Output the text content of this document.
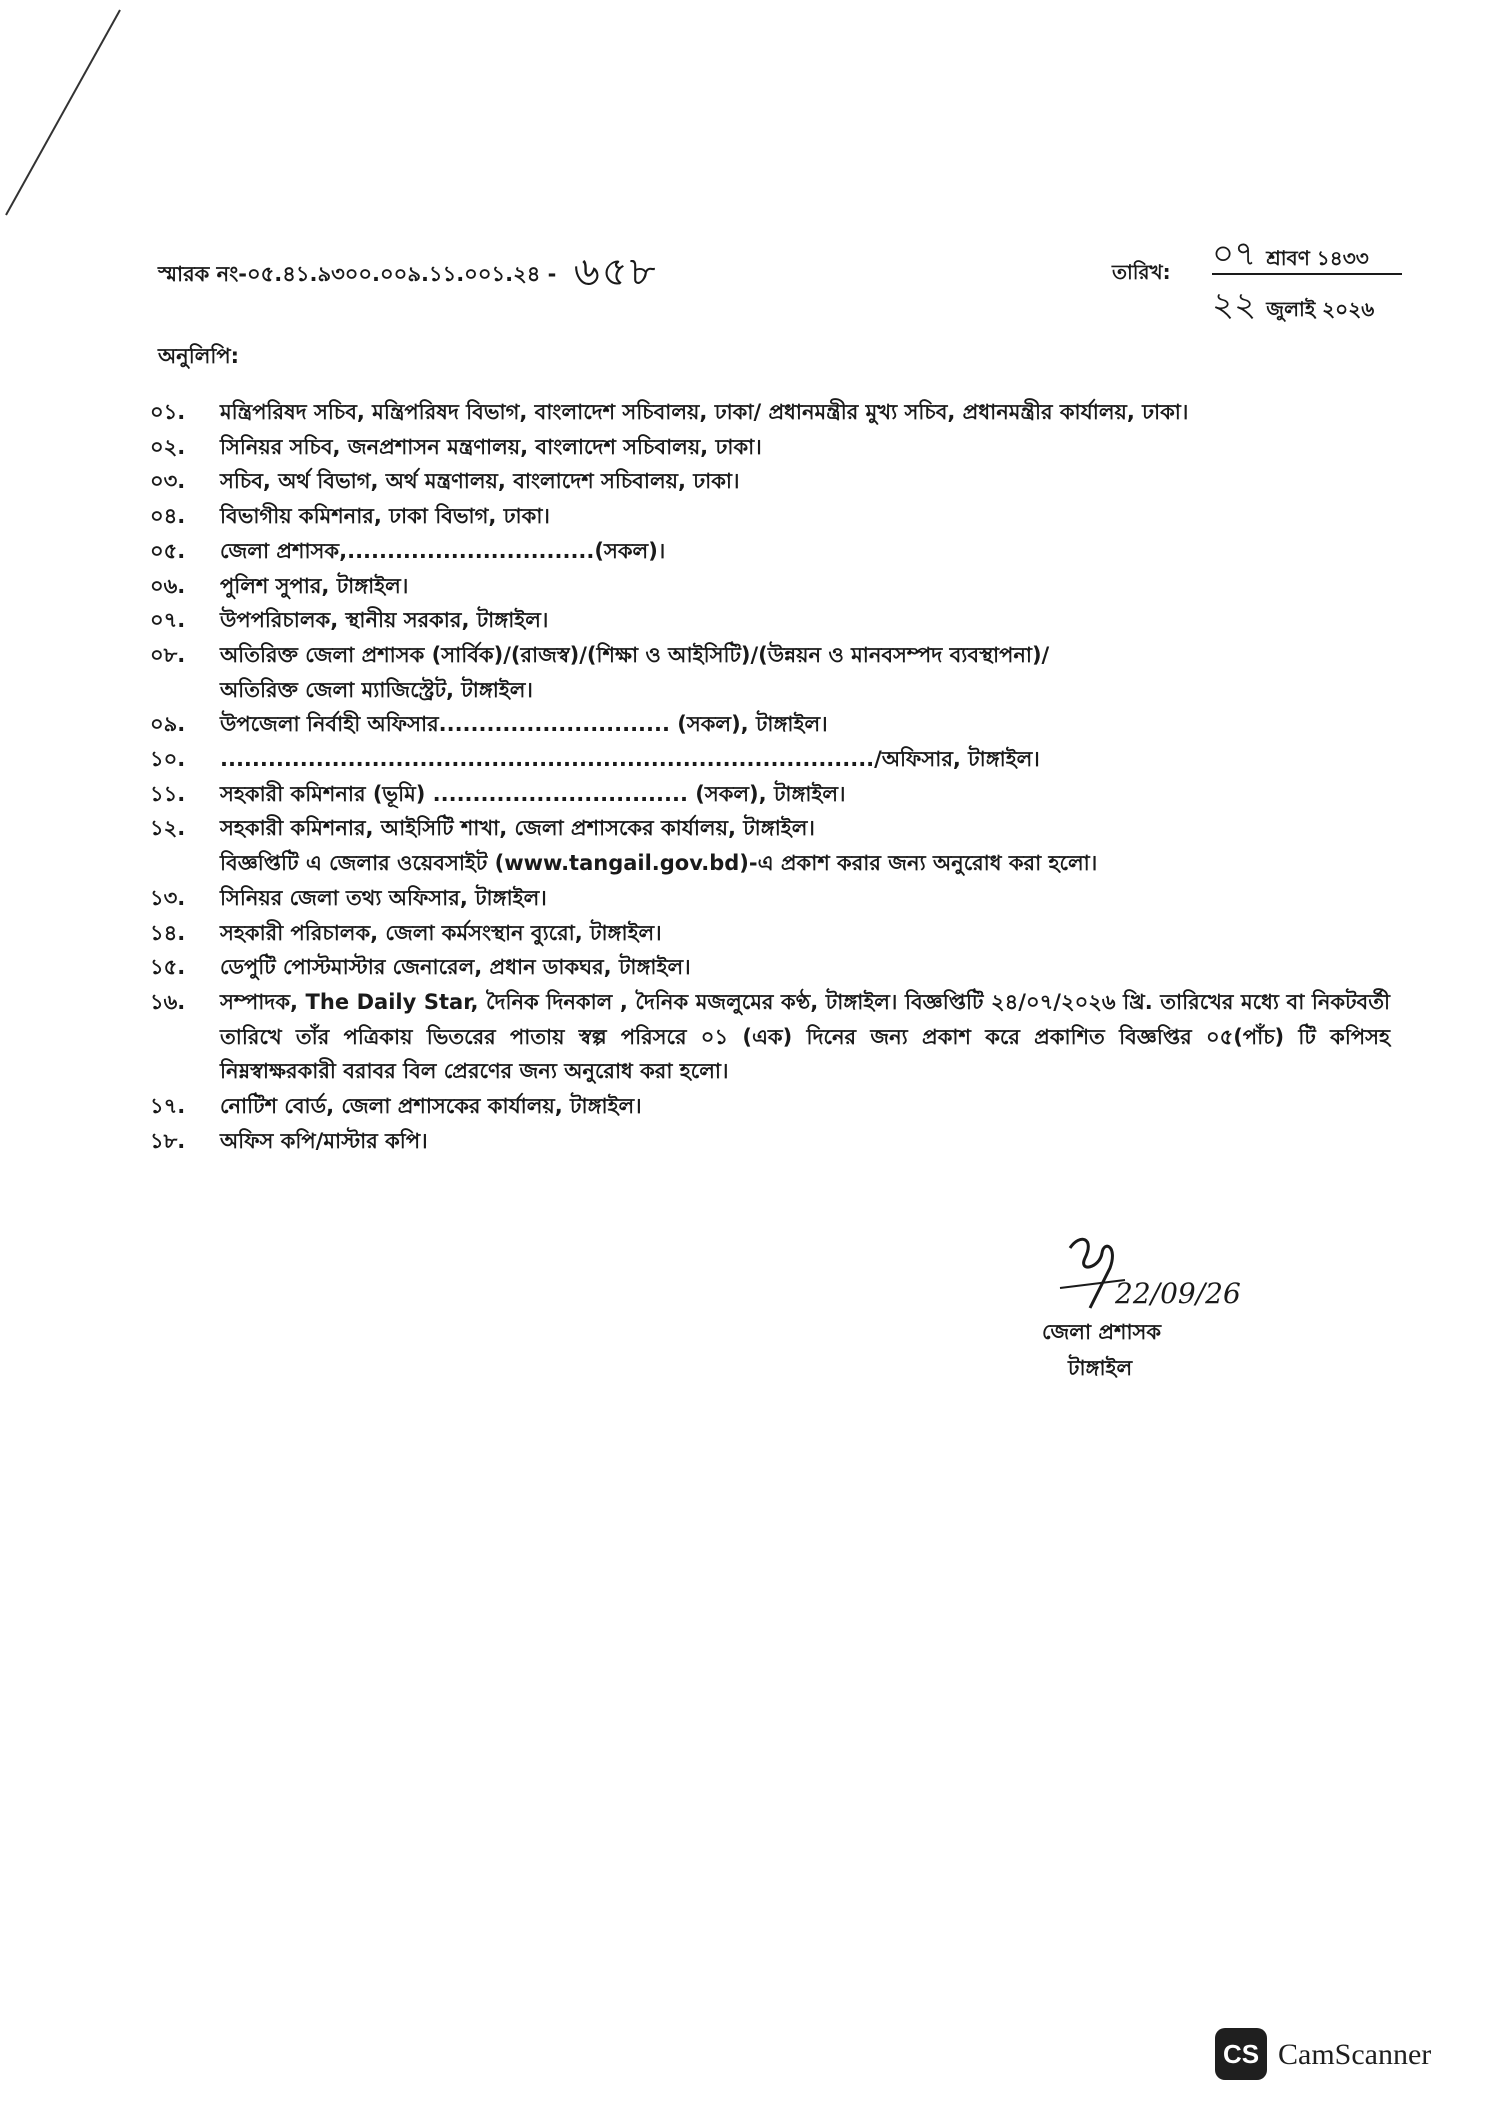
স্মারক নং-০৫.৪১.৯৩০০.০০৯.১১.০০১.২৪ - ৬৫৮	তারিখ: ০৭ শ্রাবণ ১৪৩৩
২২ জুলাই ২০২৬
অনুলিপি:
০১.	মন্ত্রিপরিষদ সচিব, মন্ত্রিপরিষদ বিভাগ, বাংলাদেশ সচিবালয়, ঢাকা/ প্রধানমন্ত্রীর মুখ্য সচিব, প্রধানমন্ত্রীর কার্যালয়, ঢাকা।
০২.	সিনিয়র সচিব, জনপ্রশাসন মন্ত্রণালয়, বাংলাদেশ সচিবালয়, ঢাকা।
০৩.	সচিব, অর্থ বিভাগ, অর্থ মন্ত্রণালয়, বাংলাদেশ সচিবালয়, ঢাকা।
০৪.	বিভাগীয় কমিশনার, ঢাকা বিভাগ, ঢাকা।
০৫.	জেলা প্রশাসক,...............................(সকল)।
০৬.	পুলিশ সুপার, টাঙ্গাইল।
০৭.	উপপরিচালক, স্থানীয় সরকার, টাঙ্গাইল।
০৮.	অতিরিক্ত জেলা প্রশাসক (সার্বিক)/(রাজস্ব)/(শিক্ষা ও আইসিটি)/(উন্নয়ন ও মানবসম্পদ ব্যবস্থাপনা)/
অতিরিক্ত জেলা ম্যাজিস্ট্রেট, টাঙ্গাইল।
০৯.	উপজেলা নির্বাহী অফিসার............................. (সকল), টাঙ্গাইল।
১০.	................................................................................../অফিসার, টাঙ্গাইল।
১১.	সহকারী কমিশনার (ভূমি) ................................ (সকল), টাঙ্গাইল।
১২.	সহকারী কমিশনার, আইসিটি শাখা, জেলা প্রশাসকের কার্যালয়, টাঙ্গাইল।
বিজ্ঞপ্তিটি এ জেলার ওয়েবসাইট (www.tangail.gov.bd)-এ প্রকাশ করার জন্য অনুরোধ করা হলো।
১৩.	সিনিয়র জেলা তথ্য অফিসার, টাঙ্গাইল।
১৪.	সহকারী পরিচালক, জেলা কর্মসংস্থান ব্যুরো, টাঙ্গাইল।
১৫.	ডেপুটি পোস্টমাস্টার জেনারেল, প্রধান ডাকঘর, টাঙ্গাইল।
১৬.	সম্পাদক, The Daily Star, দৈনিক দিনকাল , দৈনিক মজলুমের কণ্ঠ, টাঙ্গাইল। বিজ্ঞপ্তিটি ২৪/০৭/২০২৬ খ্রি. তারিখের মধ্যে বা নিকটবর্তী তারিখে তাঁর পত্রিকায় ভিতরের পাতায় স্বল্প পরিসরে ০১ (এক) দিনের জন্য প্রকাশ করে প্রকাশিত বিজ্ঞপ্তির ০৫(পাঁচ) টি কপিসহ নিম্নস্বাক্ষরকারী বরাবর বিল প্রেরণের জন্য অনুরোধ করা হলো।
১৭.	নোটিশ বোর্ড, জেলা প্রশাসকের কার্যালয়, টাঙ্গাইল।
১৮.	অফিস কপি/মাস্টার কপি।
22/09/26
জেলা প্রশাসক
টাঙ্গাইল
CS CamScanner
